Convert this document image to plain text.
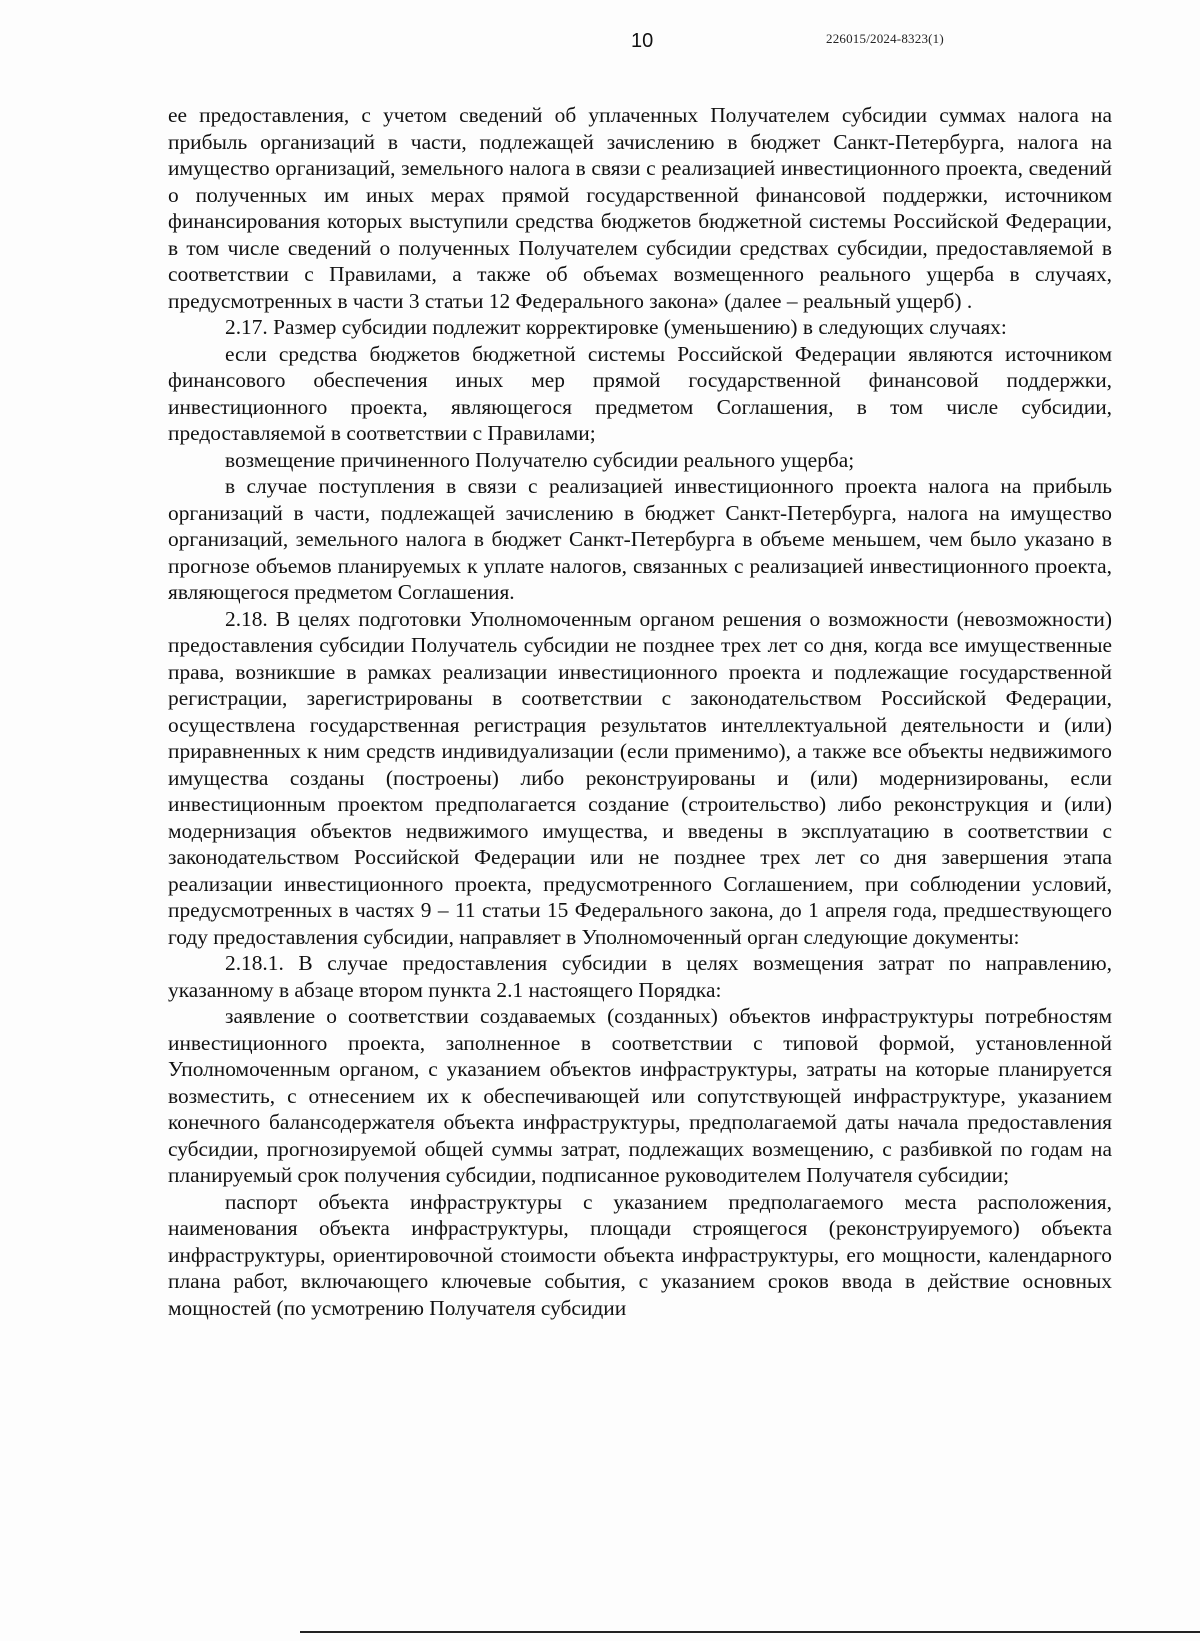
10	226015/2024-8323(1)

ее предоставления, с учетом сведений об уплаченных Получателем субсидии суммах налога на прибыль организаций в части, подлежащей зачислению в бюджет Санкт-Петербурга, налога на имущество организаций, земельного налога в связи с реализацией инвестиционного проекта, сведений о полученных им иных мерах прямой государственной финансовой поддержки, источником финансирования которых выступили средства бюджетов бюджетной системы Российской Федерации, в том числе сведений о полученных Получателем субсидии средствах субсидии, предоставляемой в соответствии с Правилами, а также об объемах возмещенного реального ущерба в случаях, предусмотренных в части 3 статьи 12 Федерального закона» (далее – реальный ущерб) .

2.17. Размер субсидии подлежит корректировке (уменьшению) в следующих случаях:

если средства бюджетов бюджетной системы Российской Федерации являются источником финансового обеспечения иных мер прямой государственной финансовой поддержки, инвестиционного проекта, являющегося предметом Соглашения, в том числе субсидии, предоставляемой в соответствии с Правилами;

возмещение причиненного Получателю субсидии реального ущерба;

в случае поступления в связи с реализацией инвестиционного проекта налога на прибыль организаций в части, подлежащей зачислению в бюджет Санкт-Петербурга, налога на имущество организаций, земельного налога в бюджет Санкт-Петербурга в объеме меньшем, чем было указано в прогнозе объемов планируемых к уплате налогов, связанных с реализацией инвестиционного проекта, являющегося предметом Соглашения.

2.18. В целях подготовки Уполномоченным органом решения о возможности (невозможности) предоставления субсидии Получатель субсидии не позднее трех лет со дня, когда все имущественные права, возникшие в рамках реализации инвестиционного проекта и подлежащие государственной регистрации, зарегистрированы в соответствии с законодательством Российской Федерации, осуществлена государственная регистрация результатов интеллектуальной деятельности и (или) приравненных к ним средств индивидуализации (если применимо), а также все объекты недвижимого имущества созданы (построены) либо реконструированы и (или) модернизированы, если инвестиционным проектом предполагается создание (строительство) либо реконструкция и (или) модернизация объектов недвижимого имущества, и введены в эксплуатацию в соответствии с законодательством Российской Федерации или не позднее трех лет со дня завершения этапа реализации инвестиционного проекта, предусмотренного Соглашением, при соблюдении условий, предусмотренных в частях 9 – 11 статьи 15 Федерального закона, до 1 апреля года, предшествующего году предоставления субсидии, направляет в Уполномоченный орган следующие документы:

2.18.1. В случае предоставления субсидии в целях возмещения затрат по направлению, указанному в абзаце втором пункта 2.1 настоящего Порядка:

заявление о соответствии создаваемых (созданных) объектов инфраструктуры потребностям инвестиционного проекта, заполненное в соответствии с типовой формой, установленной Уполномоченным органом, с указанием объектов инфраструктуры, затраты на которые планируется возместить, с отнесением их к обеспечивающей или сопутствующей инфраструктуре, указанием конечного балансодержателя объекта инфраструктуры, предполагаемой даты начала предоставления субсидии, прогнозируемой общей суммы затрат, подлежащих возмещению, с разбивкой по годам на планируемый срок получения субсидии, подписанное руководителем Получателя субсидии;

паспорт объекта инфраструктуры с указанием предполагаемого места расположения, наименования объекта инфраструктуры, площади строящегося (реконструируемого) объекта инфраструктуры, ориентировочной стоимости объекта инфраструктуры, его мощности, календарного плана работ, включающего ключевые события, с указанием сроков ввода в действие основных мощностей (по усмотрению Получателя субсидии
